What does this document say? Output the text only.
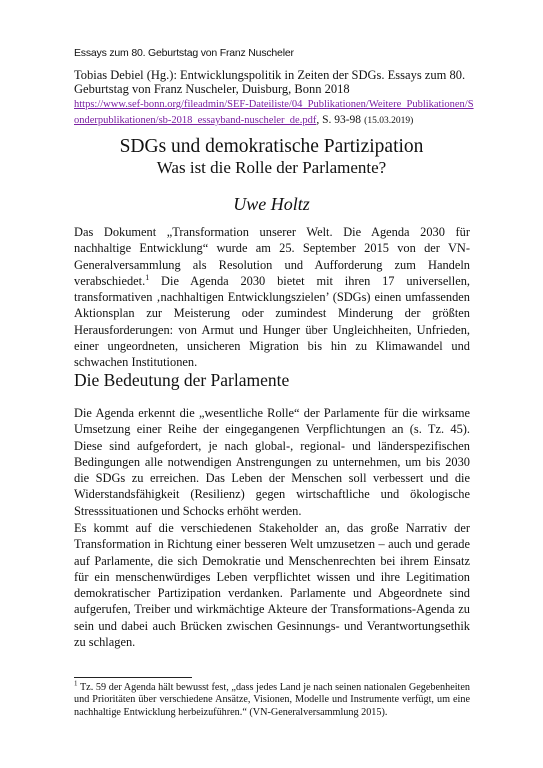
Essays zum 80. Geburtstag von Franz Nuscheler
Tobias Debiel (Hg.): Entwicklungspolitik in Zeiten der SDGs. Essays zum 80. Geburtstag von Franz Nuscheler, Duisburg, Bonn 2018
https://www.sef-bonn.org/fileadmin/SEF-Dateiliste/04_Publikationen/Weitere_Publikationen/Sonderpublikationen/sb-2018_essayband-nuscheler_de.pdf, S. 93-98 (15.03.2019)
SDGs und demokratische Partizipation
Was ist die Rolle der Parlamente?
Uwe Holtz
Das Dokument „Transformation unserer Welt. Die Agenda 2030 für nachhaltige Entwicklung“ wurde am 25. September 2015 von der VN-Generalversammlung als Resolution und Aufforderung zum Handeln verabschiedet.$^1$ Die Agenda 2030 bietet mit ihren 17 universellen, transformativen ‚nachhaltigen Entwicklungszielen’ (SDGs) einen umfassenden Aktionsplan zur Meisterung oder zumindest Minderung der größten Herausforderungen: von Armut und Hunger über Ungleichheiten, Unfrieden, einer ungeordneten, unsicheren Migration bis hin zu Klimawandel und schwachen Institutionen.
Die Bedeutung der Parlamente
Die Agenda erkennt die „wesentliche Rolle“ der Parlamente für die wirksame Umsetzung einer Reihe der eingegangenen Verpflichtungen an (s. Tz. 45). Diese sind aufgefordert, je nach global-, regional- und länderspezifischen Bedingungen alle notwendigen Anstrengungen zu unternehmen, um bis 2030 die SDGs zu erreichen. Das Leben der Menschen soll verbessert und die Widerstandsfähigkeit (Resilienz) gegen wirtschaftliche und ökologische Stresssituationen und Schocks erhöht werden.
Es kommt auf die verschiedenen Stakeholder an, das große Narrativ der Transformation in Richtung einer besseren Welt umzusetzen – auch und gerade auf Parlamente, die sich Demokratie und Menschenrechten bei ihrem Einsatz für ein menschenwürdiges Leben verpflichtet wissen und ihre Legitimation demokratischer Partizipation verdanken. Parlamente und Abgeordnete sind aufgerufen, Treiber und wirkmächtige Akteure der Transformations-Agenda zu sein und dabei auch Brücken zwischen Gesinnungs- und Verantwortungsethik zu schlagen.
$^1$ Tz. 59 der Agenda hält bewusst fest, „dass jedes Land je nach seinen nationalen Gegebenheiten und Prioritäten über verschiedene Ansätze, Visionen, Modelle und Instrumente verfügt, um eine nachhaltige Entwicklung herbeizuführen.“ (VN-Generalversammlung 2015).
